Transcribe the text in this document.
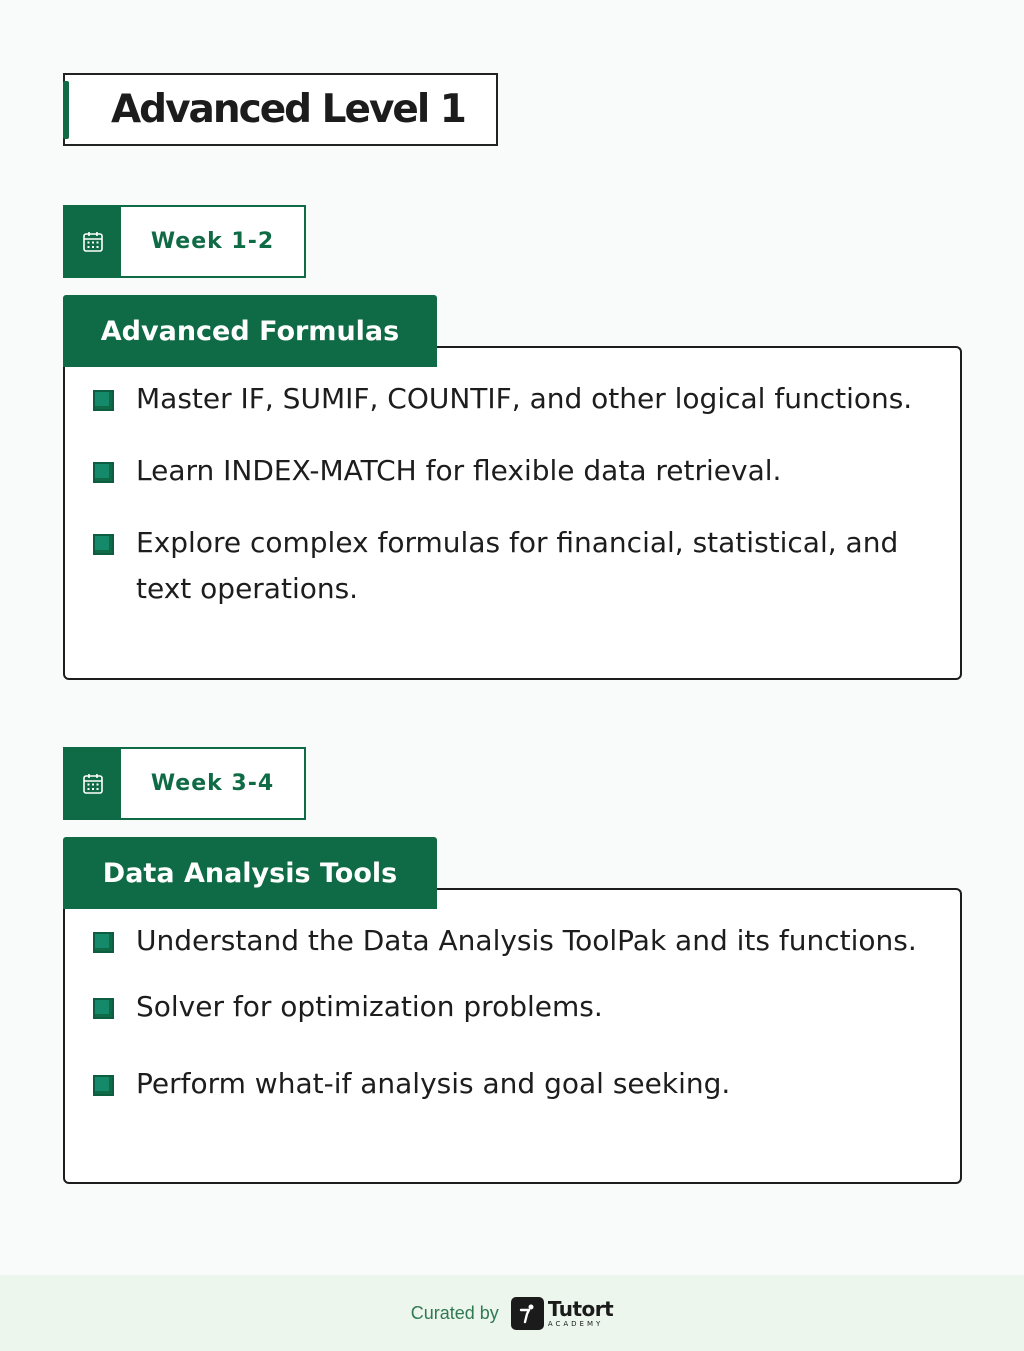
Advanced Level 1
Week 1-2
Master IF, SUMIF, COUNTIF, and other logical functions.
Learn INDEX-MATCH for flexible data retrieval.
Explore complex formulas for financial, statistical, and text operations.
Advanced Formulas
Week 3-4
Understand the Data Analysis ToolPak and its functions.
Solver for optimization problems.
Perform what-if analysis and goal seeking.
Data Analysis Tools
Curated by Tutort
ACADEMY
